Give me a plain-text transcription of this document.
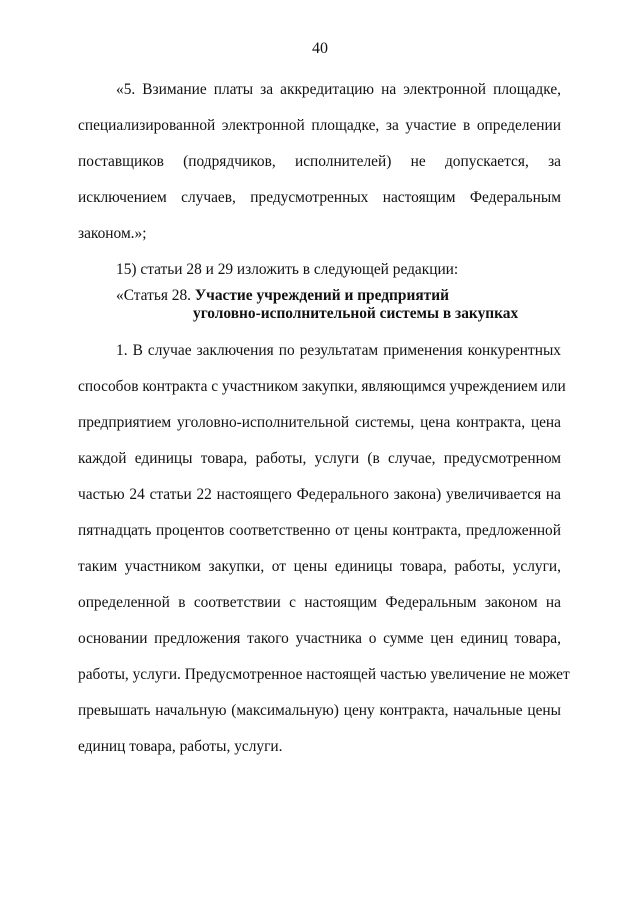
40
«5. Взимание платы за аккредитацию на электронной площадке,
специализированной электронной площадке, за участие в определении
поставщиков (подрядчиков, исполнителей) не допускается, за
исключением случаев, предусмотренных настоящим Федеральным
законом.»;
15) статьи 28 и 29 изложить в следующей редакции:
«Статья 28. Участие учреждений и предприятий
уголовно-исполнительной системы в закупках
1. В случае заключения по результатам применения конкурентных
способов контракта с участником закупки, являющимся учреждением или
предприятием уголовно-исполнительной системы, цена контракта, цена
каждой единицы товара, работы, услуги (в случае, предусмотренном
частью 24 статьи 22 настоящего Федерального закона) увеличивается на
пятнадцать процентов соответственно от цены контракта, предложенной
таким участником закупки, от цены единицы товара, работы, услуги,
определенной в соответствии с настоящим Федеральным законом на
основании предложения такого участника о сумме цен единиц товара,
работы, услуги. Предусмотренное настоящей частью увеличение не может
превышать начальную (максимальную) цену контракта, начальные цены
единиц товара, работы, услуги.
